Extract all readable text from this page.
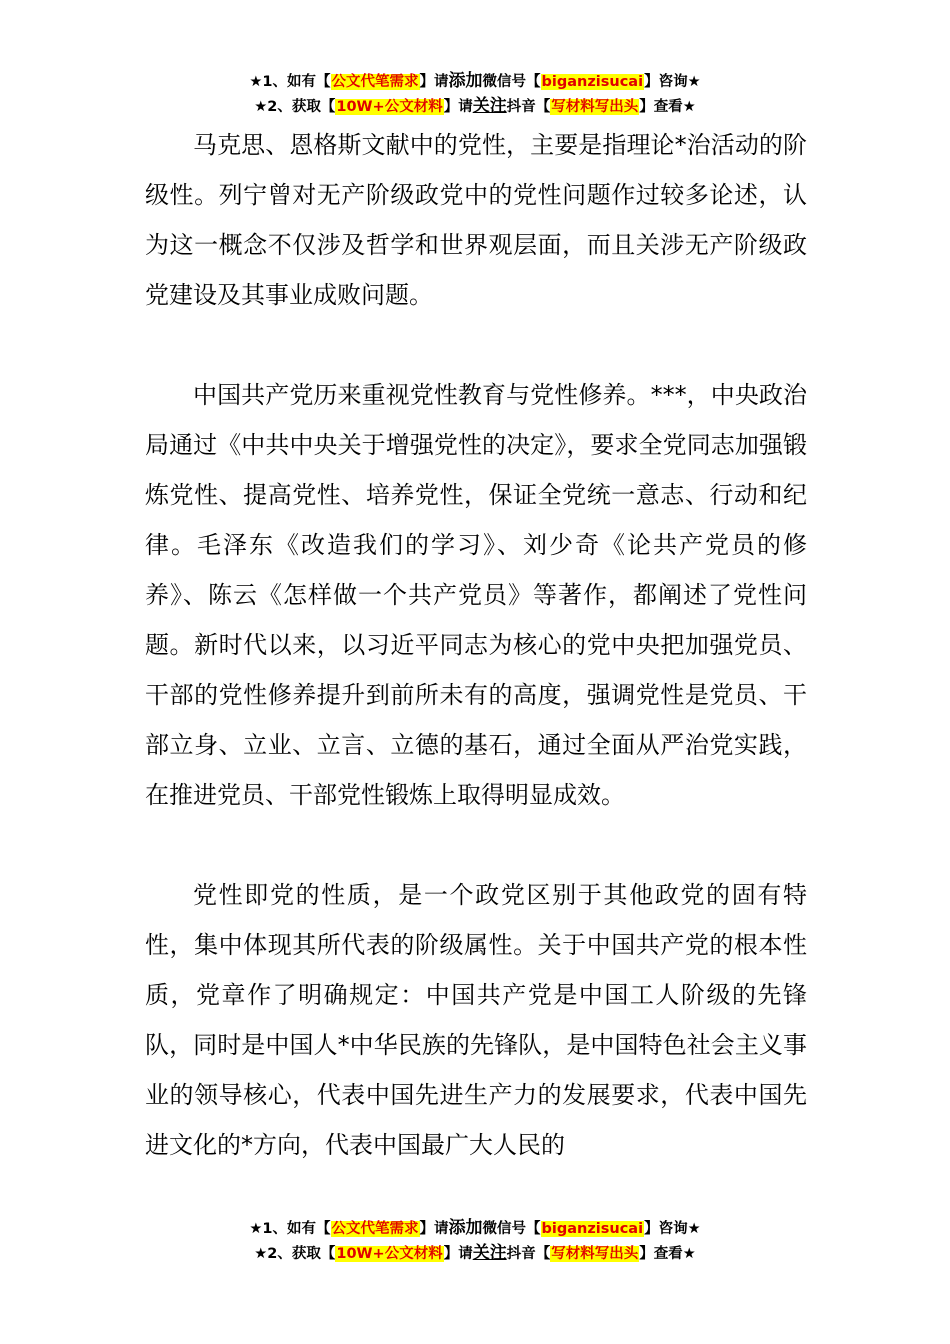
★1、如有【公文代笔需求】请添加微信号【biganzisucai】咨询★
★2、获取【10W+公文材料】请关注抖音【写材料写出头】查看★

马克思、恩格斯文献中的党性，主要是指理论*治活动的阶级性。列宁曾对无产阶级政党中的党性问题作过较多论述，认为这一概念不仅涉及哲学和世界观层面，而且关涉无产阶级政党建设及其事业成败问题。

中国共产党历来重视党性教育与党性修养。***，中央政治局通过《中共中央关于增强党性的决定》，要求全党同志加强锻炼党性、提高党性、培养党性，保证全党统一意志、行动和纪律。毛泽东《改造我们的学习》、刘少奇《论共产党员的修养》、陈云《怎样做一个共产党员》等著作，都阐述了党性问题。新时代以来，以习近平同志为核心的党中央把加强党员、干部的党性修养提升到前所未有的高度，强调党性是党员、干部立身、立业、立言、立德的基石，通过全面从严治党实践，在推进党员、干部党性锻炼上取得明显成效。

党性即党的性质，是一个政党区别于其他政党的固有特性，集中体现其所代表的阶级属性。关于中国共产党的根本性质，党章作了明确规定：中国共产党是中国工人阶级的先锋队，同时是中国人*中华民族的先锋队，是中国特色社会主义事业的领导核心，代表中国先进生产力的发展要求，代表中国先进文化的*方向，代表中国最广大人民的

★1、如有【公文代笔需求】请添加微信号【biganzisucai】咨询★
★2、获取【10W+公文材料】请关注抖音【写材料写出头】查看★
